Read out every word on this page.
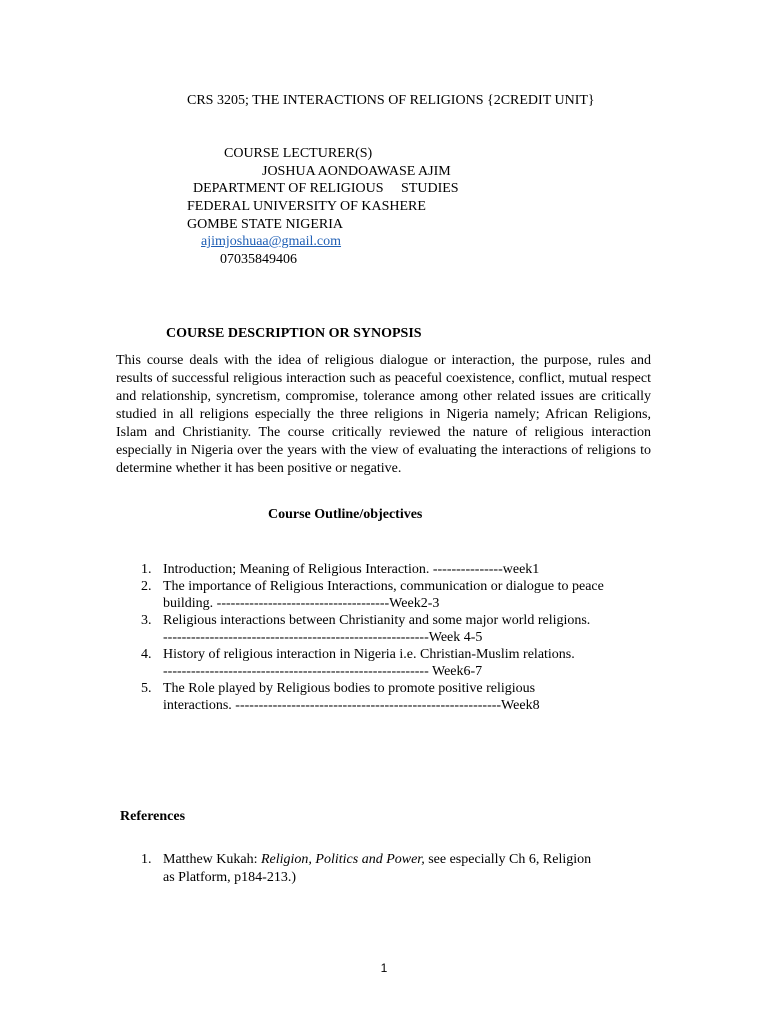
CRS 3205; THE INTERACTIONS OF RELIGIONS {2CREDIT UNIT}
COURSE LECTURER(S)
JOSHUA AONDOAWASE AJIM
DEPARTMENT OF RELIGIOUS     STUDIES
FEDERAL UNIVERSITY OF KASHERE
GOMBE STATE NIGERIA
ajimjoshuaa@gmail.com
07035849406
COURSE DESCRIPTION OR SYNOPSIS
This course deals with the idea of religious dialogue or interaction, the purpose, rules and results of successful religious interaction such as peaceful coexistence, conflict, mutual respect and relationship, syncretism, compromise, tolerance among other related issues are critically studied in all religions especially the three religions in Nigeria namely; African Religions, Islam and Christianity. The course critically reviewed the nature of religious interaction especially in Nigeria over the years with the view of evaluating the interactions of religions to determine whether it has been positive or negative.
Course Outline/objectives
1. Introduction; Meaning of Religious Interaction. ---------------week1
2. The importance of Religious Interactions, communication or dialogue to peace
building. -------------------------------------Week2-3
3. Religious interactions between Christianity and some major world religions.
---------------------------------------------------------Week 4-5
4. History of religious interaction in Nigeria i.e. Christian-Muslim relations.
--------------------------------------------------------- Week6-7
5. The Role played by Religious bodies to promote positive religious
interactions. ---------------------------------------------------------Week8
References
1. Matthew Kukah: Religion, Politics and Power, see especially Ch 6, Religion
as Platform, p184-213.)
1
